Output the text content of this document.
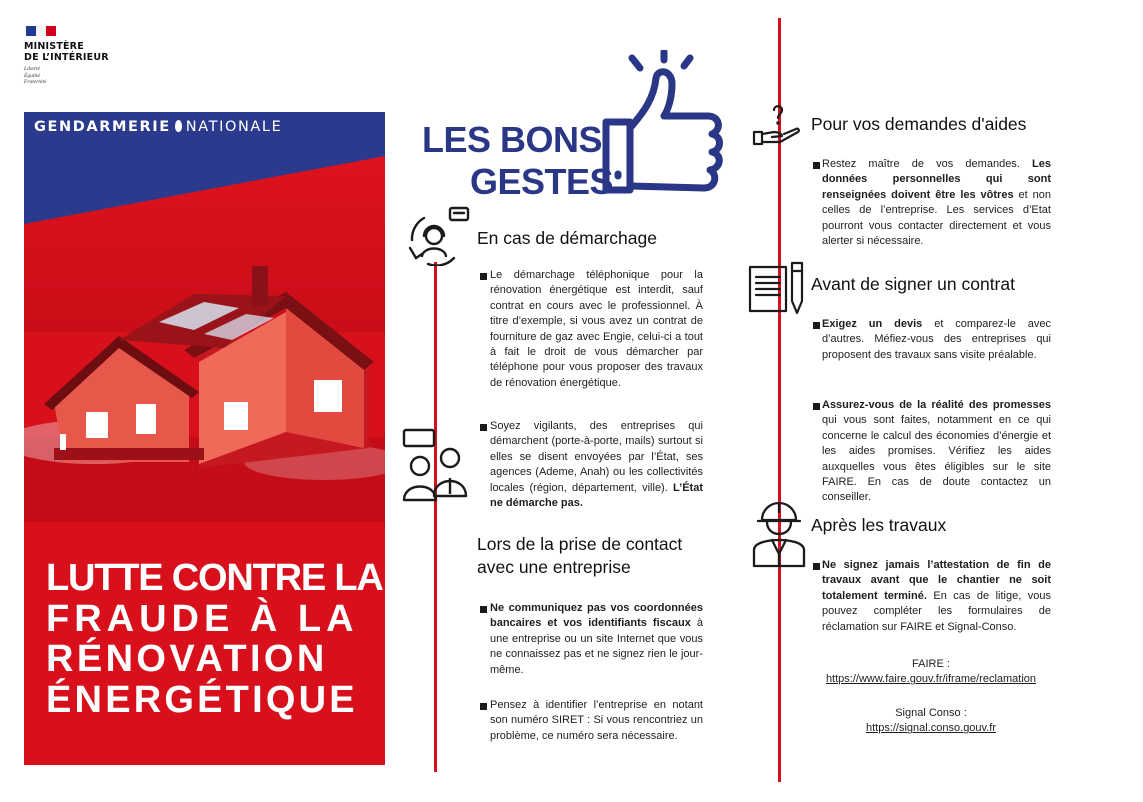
MINISTÈRE
DE L’INTÉRIEUR
Liberté
Égalité
Fraternité
GENDARMERIE NATIONALE
LUTTE CONTRE LA
FRAUDE À LA
RÉNOVATION
ÉNERGÉTIQUE
LES BONS
GESTES
En cas de démarchage
Le démarchage téléphonique pour la rénovation énergétique est interdit, sauf contrat en cours avec le professionnel. À titre d’exemple, si vous avez un contrat de fourniture de gaz avec Engie, celui-ci a tout à fait le droit de vous démarcher par téléphone pour vous proposer des travaux de rénovation énergétique.
Soyez vigilants, des entreprises qui démarchent (porte-à-porte, mails) surtout si elles se disent envoyées par l’État, ses agences (Ademe, Anah) ou les collectivités locales (région, département, ville). L’État ne démarche pas.
Lors de la prise de contact
avec une entreprise
Ne communiquez pas vos coordonnées bancaires et vos identifiants fiscaux à une entreprise ou un site Internet que vous ne connaissez pas et ne signez rien le jour-même.
Pensez à identifier l’entreprise en notant son numéro SIRET : Si vous rencontriez un problème, ce numéro sera nécessaire.
Pour vos demandes d'aides
Restez maître de vos demandes. Les données personnelles qui sont renseignées doivent être les vôtres et non celles de l’entreprise. Les services d’Etat pourront vous contacter directement et vous alerter si nécessaire.
Avant de signer un contrat
Exigez un devis et comparez-le avec d’autres. Méfiez-vous des entreprises qui proposent des travaux sans visite préalable.
Assurez-vous de la réalité des promesses qui vous sont faites, notamment en ce qui concerne le calcul des économies d’énergie et les aides promises. Vérifiez les aides auxquelles vous êtes éligibles sur le site FAIRE. En cas de doute contactez un conseiller.
Après les travaux
Ne signez jamais l’attestation de fin de travaux avant que le chantier ne soit totalement terminé. En cas de litige, vous pouvez compléter les formulaires de réclamation sur FAIRE et Signal-Conso.
FAIRE :
https://www.faire.gouv.fr/iframe/reclamation
Signal Conso :
https://signal.conso.gouv.fr
